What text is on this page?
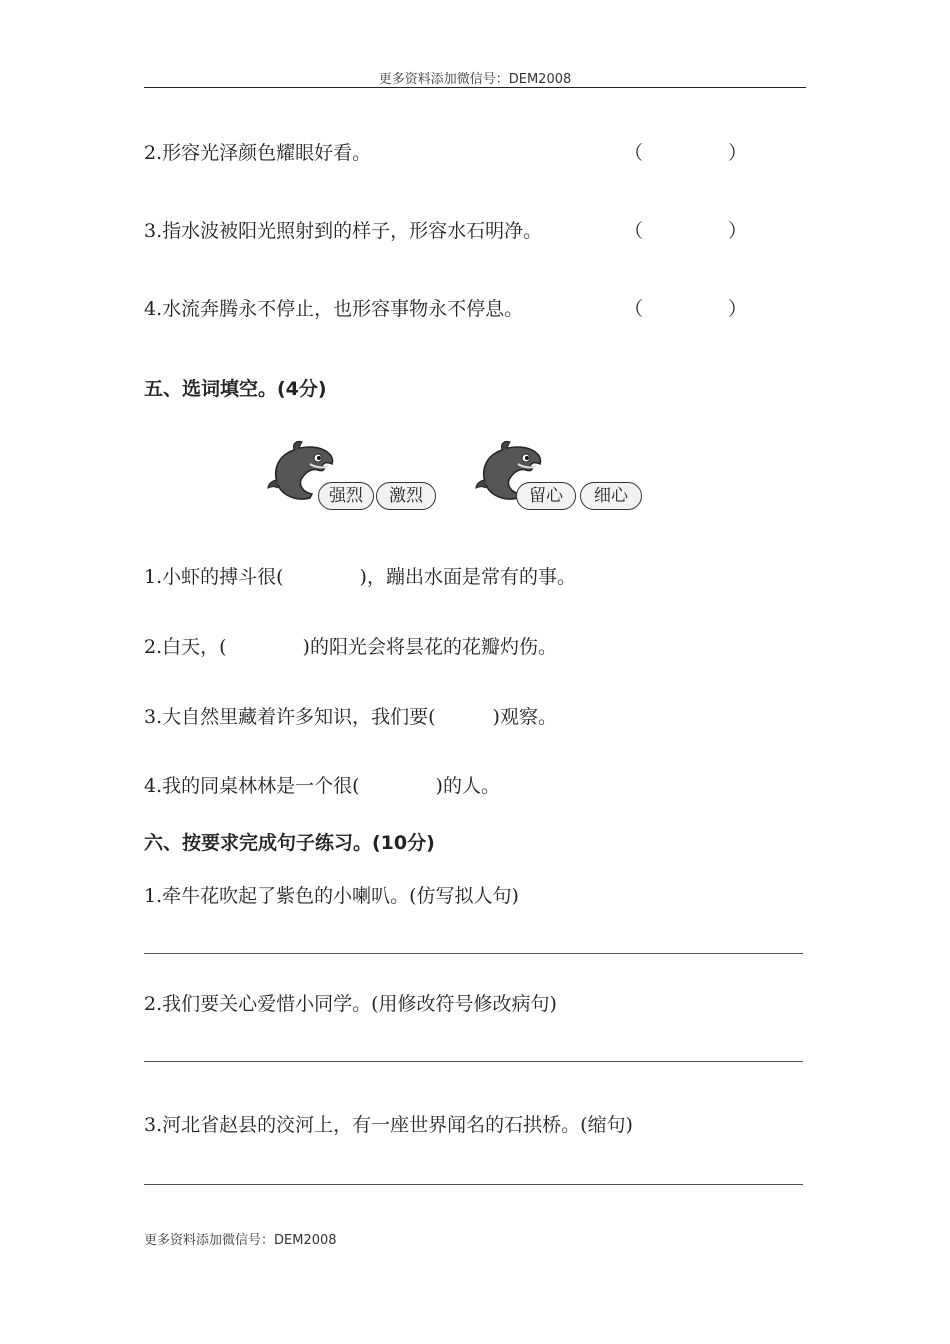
更多资料添加微信号：DEM2008
2.形容光泽颜色耀眼好看。	（	）
3.指水波被阳光照射到的样子，形容水石明净。	（	）
4.水流奔腾永不停止，也形容事物永不停息。	（	）
五、选词填空。(4分)
强烈	激烈	留心	细心
1.小虾的搏斗很(　　　　)，蹦出水面是常有的事。
2.白天，(　　　　)的阳光会将昙花的花瓣灼伤。
3.大自然里藏着许多知识，我们要(　　　)观察。
4.我的同桌林林是一个很(　　　　)的人。
六、按要求完成句子练习。(10分)
1.牵牛花吹起了紫色的小喇叭。(仿写拟人句)
2.我们要关心爱惜小同学。(用修改符号修改病句)
3.河北省赵县的洨河上，有一座世界闻名的石拱桥。(缩句)
更多资料添加微信号：DEM2008
